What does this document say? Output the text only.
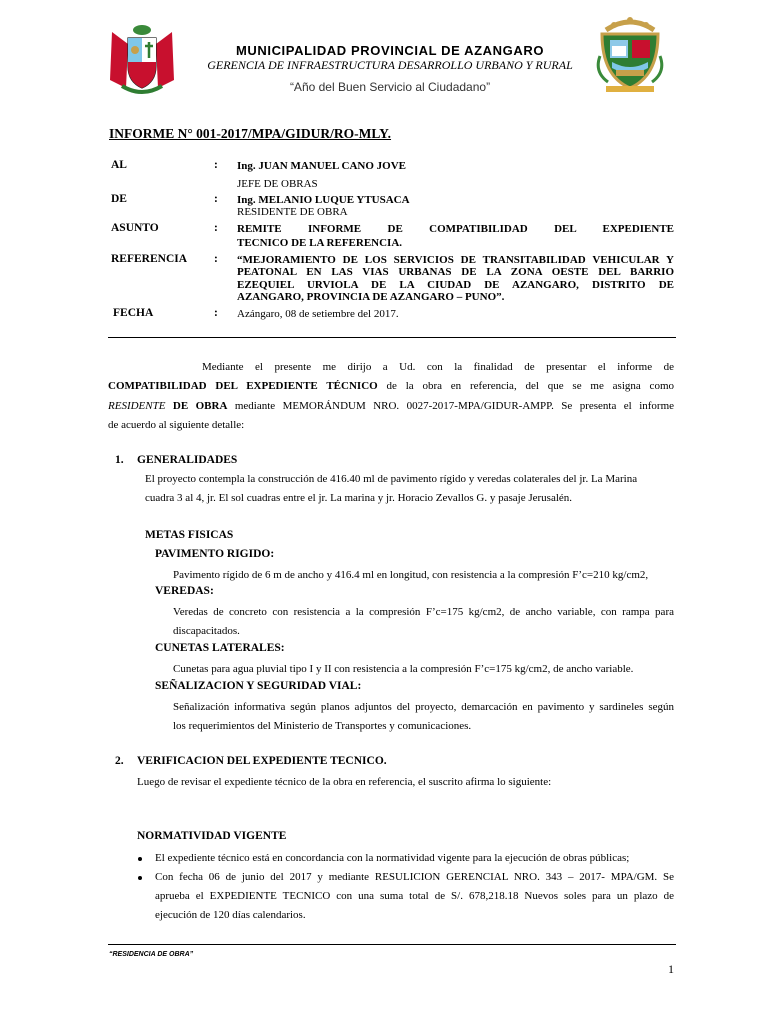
MUNICIPALIDAD PROVINCIAL DE AZANGARO
GERENCIA DE INFRAESTRUCTURA DESARROLLO URBANO Y RURAL
“Año del Buen Servicio al Ciudadano”
INFORME N° 001-2017/MPA/GIDUR/RO-MLY.
AL	: Ing. JUAN MANUEL CANO JOVE
JEFE DE OBRAS
DE	: Ing. MELANIO LUQUE YTUSACA
RESIDENTE DE OBRA
ASUNTO	: REMITE INFORME DE COMPATIBILIDAD DEL EXPEDIENTE
TECNICO DE LA REFERENCIA.
REFERENCIA : “MEJORAMIENTO DE LOS SERVICIOS DE TRANSITABILIDAD VEHICULAR Y
PEATONAL EN LAS VIAS URBANAS DE LA ZONA OESTE DEL BARRIO
EZEQUIEL URVIOLA DE LA CIUDAD DE AZANGARO, DISTRITO DE
AZANGARO, PROVINCIA DE AZANGARO – PUNO”.
FECHA	: Azángaro, 08 de setiembre del 2017.
Mediante el presente me dirijo a Ud. con la finalidad de presentar el informe de
COMPATIBILIDAD DEL EXPEDIENTE TÉCNICO de la obra en referencia, del que se me asigna como
RESIDENTE DE OBRA mediante MEMORÁNDUM NRO. 0027-2017-MPA/GIDUR-AMPP. Se presenta el informe
de acuerdo al siguiente detalle:
1. GENERALIDADES
El proyecto contempla la construcción de 416.40 ml de pavimento rígido y veredas colaterales del jr. La Marina
cuadra 3 al 4, jr. El sol cuadras entre el jr. La marina y jr. Horacio Zevallos G. y pasaje Jerusalén.
METAS FISICAS
PAVIMENTO RIGIDO:
Pavimento rígido de 6 m de ancho y 416.4 ml en longitud, con resistencia a la compresión F’c=210 kg/cm2,
VEREDAS:
Veredas de concreto con resistencia a la compresión F’c=175 kg/cm2, de ancho variable, con rampa para
discapacitados.
CUNETAS LATERALES:
Cunetas para agua pluvial tipo I y II con resistencia a la compresión F’c=175 kg/cm2, de ancho variable.
SEÑALIZACION Y SEGURIDAD VIAL:
Señalización informativa según planos adjuntos del proyecto, demarcación en pavimento y sardineles según
los requerimientos del Ministerio de Transportes y comunicaciones.
2. VERIFICACION DEL EXPEDIENTE TECNICO.
Luego de revisar el expediente técnico de la obra en referencia, el suscrito afirma lo siguiente:
NORMATIVIDAD VIGENTE
El expediente técnico está en concordancia con la normatividad vigente para la ejecución de obras públicas;
Con fecha 06 de junio del 2017 y mediante RESULICION GERENCIAL NRO. 343 – 2017- MPA/GM. Se
aprueba el EXPEDIENTE TECNICO con una suma total de S/. 678,218.18 Nuevos soles para un plazo de
ejecución de 120 días calendarios.
“RESIDENCIA DE OBRA”
1
